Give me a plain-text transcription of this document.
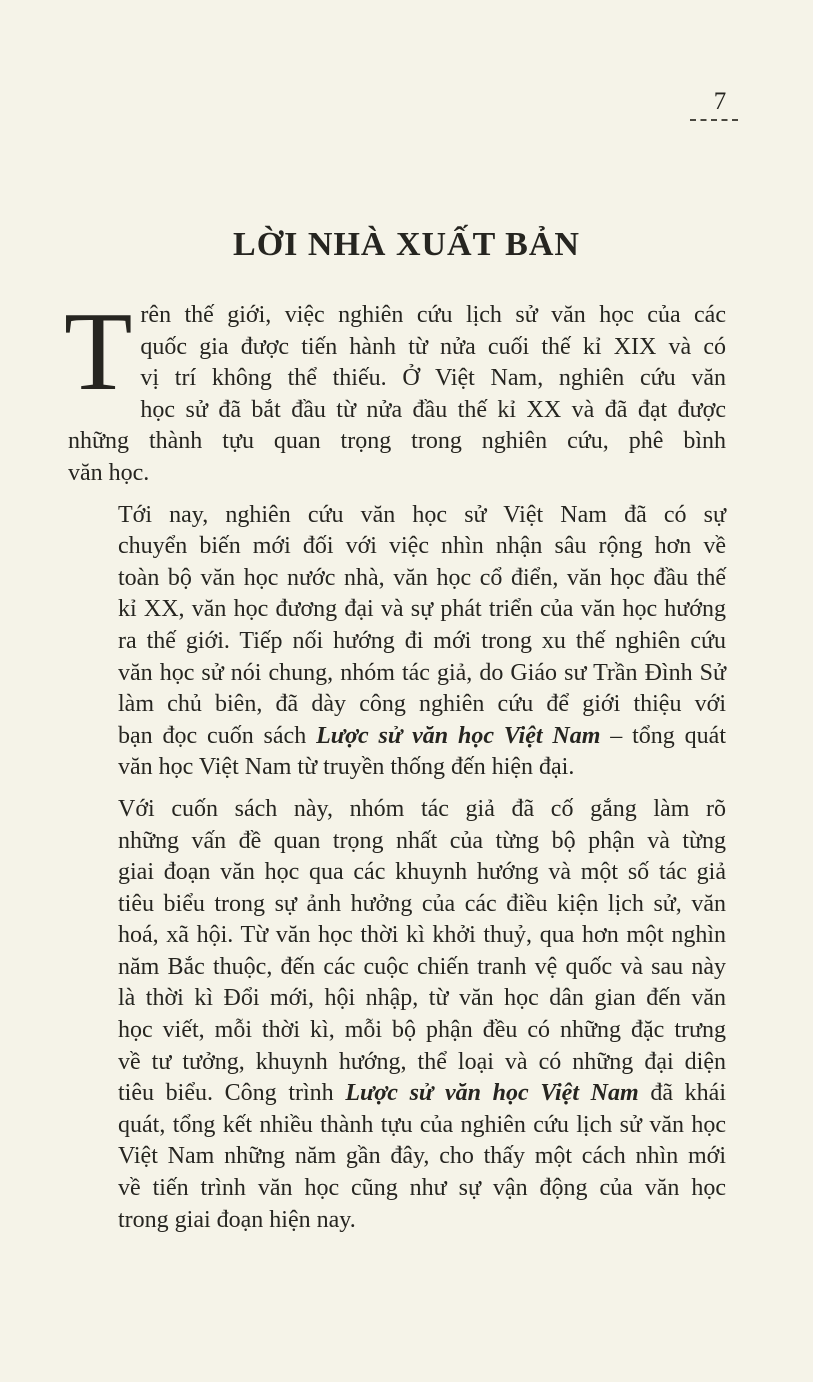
7
LỜI NHÀ XUẤT BẢN

T rên thế giới, việc nghiên cứu lịch sử văn học của các
quốc gia được tiến hành từ nửa cuối thế kỉ XIX và có
vị trí không thể thiếu. Ở Việt Nam, nghiên cứu văn
học sử đã bắt đầu từ nửa đầu thế kỉ XX và đã đạt được
những thành tựu quan trọng trong nghiên cứu, phê bình
văn học.

Tới nay, nghiên cứu văn học sử Việt Nam đã có sự
chuyển biến mới đối với việc nhìn nhận sâu rộng hơn về
toàn bộ văn học nước nhà, văn học cổ điển, văn học đầu thế
kỉ XX, văn học đương đại và sự phát triển của văn học hướng
ra thế giới. Tiếp nối hướng đi mới trong xu thế nghiên cứu
văn học sử nói chung, nhóm tác giả, do Giáo sư Trần Đình Sử
làm chủ biên, đã dày công nghiên cứu để giới thiệu với
bạn đọc cuốn sách Lược sử văn học Việt Nam – tổng quát
văn học Việt Nam từ truyền thống đến hiện đại.

Với cuốn sách này, nhóm tác giả đã cố gắng làm rõ
những vấn đề quan trọng nhất của từng bộ phận và từng
giai đoạn văn học qua các khuynh hướng và một số tác giả
tiêu biểu trong sự ảnh hưởng của các điều kiện lịch sử, văn
hoá, xã hội. Từ văn học thời kì khởi thuỷ, qua hơn một nghìn
năm Bắc thuộc, đến các cuộc chiến tranh vệ quốc và sau này
là thời kì Đổi mới, hội nhập, từ văn học dân gian đến văn
học viết, mỗi thời kì, mỗi bộ phận đều có những đặc trưng
về tư tưởng, khuynh hướng, thể loại và có những đại diện
tiêu biểu. Công trình Lược sử văn học Việt Nam đã khái
quát, tổng kết nhiều thành tựu của nghiên cứu lịch sử văn học
Việt Nam những năm gần đây, cho thấy một cách nhìn mới
về tiến trình văn học cũng như sự vận động của văn học
trong giai đoạn hiện nay.
